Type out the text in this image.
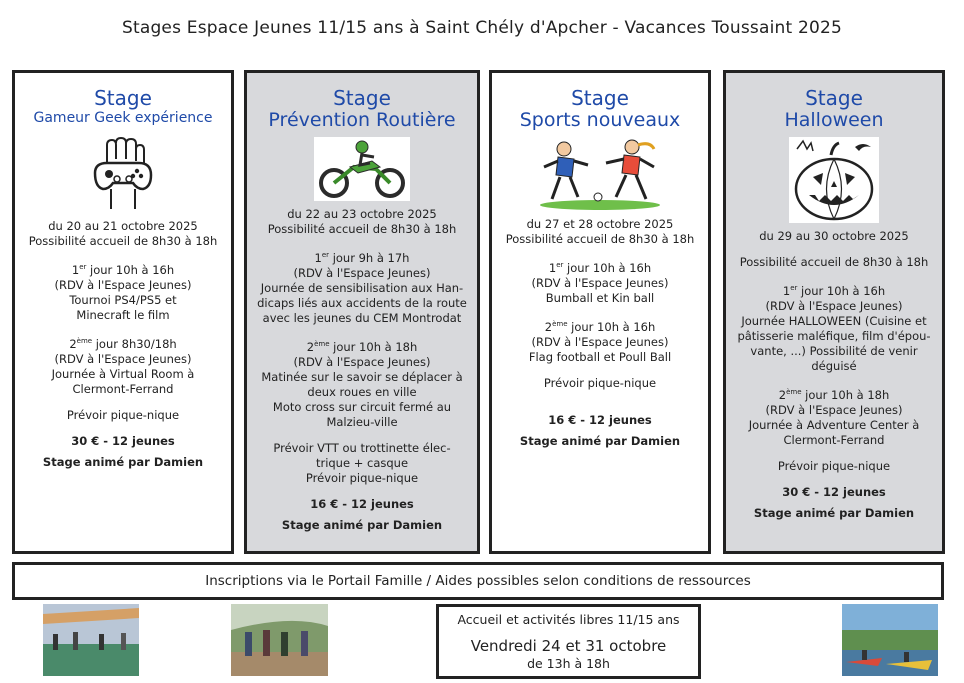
Stages Espace Jeunes 11/15 ans à Saint Chély d'Apcher - Vacances Toussaint 2025
Stage
Gameur Geek expérience
du 20 au 21 octobre 2025
Possibilité accueil de 8h30 à 18h
1er jour 10h à 16h
(RDV à l'Espace Jeunes)
Tournoi PS4/PS5 et
Minecraft le film
2ème jour 8h30/18h
(RDV à l'Espace Jeunes)
Journée à Virtual Room à
Clermont-Ferrand
Prévoir pique-nique
30 € - 12 jeunes
Stage animé par Damien
Stage
Prévention Routière
du 22 au 23 octobre 2025
Possibilité accueil de 8h30 à 18h
1er jour 9h à 17h
(RDV à l'Espace Jeunes)
Journée de sensibilisation aux Han-
dicaps liés aux accidents de la route
avec les jeunes du CEM Montrodat
2ème jour 10h à 18h
(RDV à l'Espace Jeunes)
Matinée sur le savoir se déplacer à
deux roues en ville
Moto cross sur circuit fermé au
Malzieu-ville
Prévoir VTT ou trottinette élec-
trique + casque
Prévoir pique-nique
16 € - 12 jeunes
Stage animé par Damien
Stage
Sports nouveaux
du 27 et 28 octobre 2025
Possibilité accueil de 8h30 à 18h
1er jour 10h à 16h
(RDV à l'Espace Jeunes)
Bumball et Kin ball
2ème jour 10h à 16h
(RDV à l'Espace Jeunes)
Flag football et Poull Ball
Prévoir pique-nique
16 € - 12 jeunes
Stage animé par Damien
Stage
Halloween
du 29 au 30 octobre 2025
Possibilité accueil de 8h30 à 18h
1er jour 10h à 16h
(RDV à l'Espace Jeunes)
Journée HALLOWEEN (Cuisine et
pâtisserie maléfique, film d'épou-
vante, ...) Possibilité de venir
déguisé
2ème jour 10h à 18h
(RDV à l'Espace Jeunes)
Journée à Adventure Center à
Clermont-Ferrand
Prévoir pique-nique
30 € - 12 jeunes
Stage animé par Damien
Inscriptions via le Portail Famille / Aides possibles selon conditions de ressources
Accueil et activités libres 11/15 ans
Vendredi 24 et 31 octobre
de 13h à 18h
